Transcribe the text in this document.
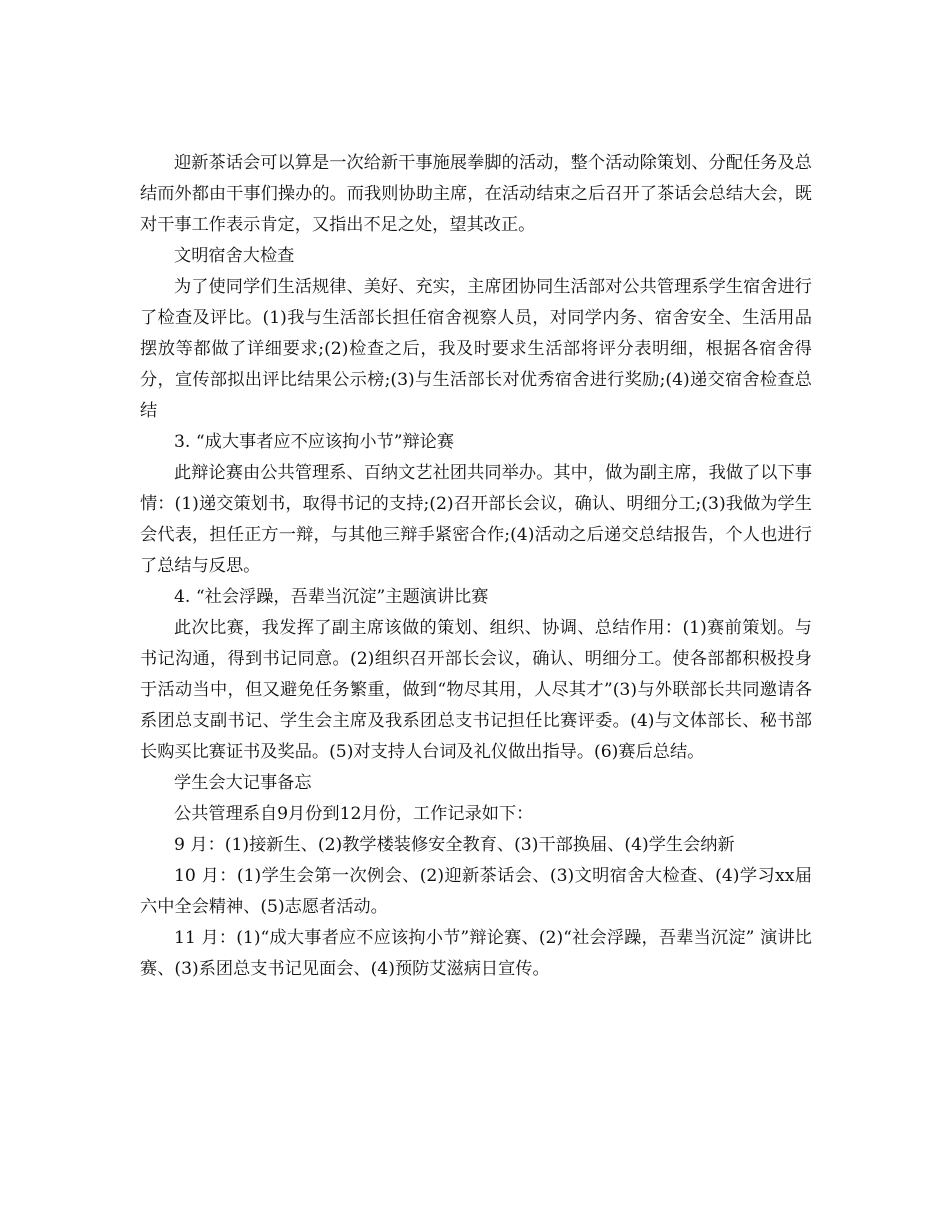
迎新茶话会可以算是一次给新干事施展拳脚的活动，整个活动除策划、分配任务及总结而外都由干事们操办的。而我则协助主席，在活动结束之后召开了茶话会总结大会，既对干事工作表示肯定，又指出不足之处，望其改正。

文明宿舍大检查

为了使同学们生活规律、美好、充实，主席团协同生活部对公共管理系学生宿舍进行了检查及评比。(1)我与生活部长担任宿舍视察人员，对同学内务、宿舍安全、生活用品摆放等都做了详细要求;(2)检查之后，我及时要求生活部将评分表明细，根据各宿舍得分，宣传部拟出评比结果公示榜;(3)与生活部长对优秀宿舍进行奖励;(4)递交宿舍检查总结

3. “成大事者应不应该拘小节”辩论赛

此辩论赛由公共管理系、百纳文艺社团共同举办。其中，做为副主席，我做了以下事情：(1)递交策划书，取得书记的支持;(2)召开部长会议，确认、明细分工;(3)我做为学生会代表，担任正方一辩，与其他三辩手紧密合作;(4)活动之后递交总结报告，个人也进行了总结与反思。

4. “社会浮躁，吾辈当沉淀”主题演讲比赛

此次比赛，我发挥了副主席该做的策划、组织、协调、总结作用：(1)赛前策划。与书记沟通，得到书记同意。(2)组织召开部长会议，确认、明细分工。使各部都积极投身于活动当中，但又避免任务繁重，做到“物尽其用，人尽其才”(3)与外联部长共同邀请各系团总支副书记、学生会主席及我系团总支书记担任比赛评委。(4)与文体部长、秘书部长购买比赛证书及奖品。(5)对支持人台词及礼仪做出指导。(6)赛后总结。

学生会大记事备忘

公共管理系自9月份到12月份，工作记录如下：

9 月：(1)接新生、(2)教学楼装修安全教育、(3)干部换届、(4)学生会纳新

10 月：(1)学生会第一次例会、(2)迎新茶话会、(3)文明宿舍大检查、(4)学习xx届六中全会精神、(5)志愿者活动。

11 月：(1)“成大事者应不应该拘小节”辩论赛、(2)“社会浮躁，吾辈当沉淀” 演讲比赛、(3)系团总支书记见面会、(4)预防艾滋病日宣传。
